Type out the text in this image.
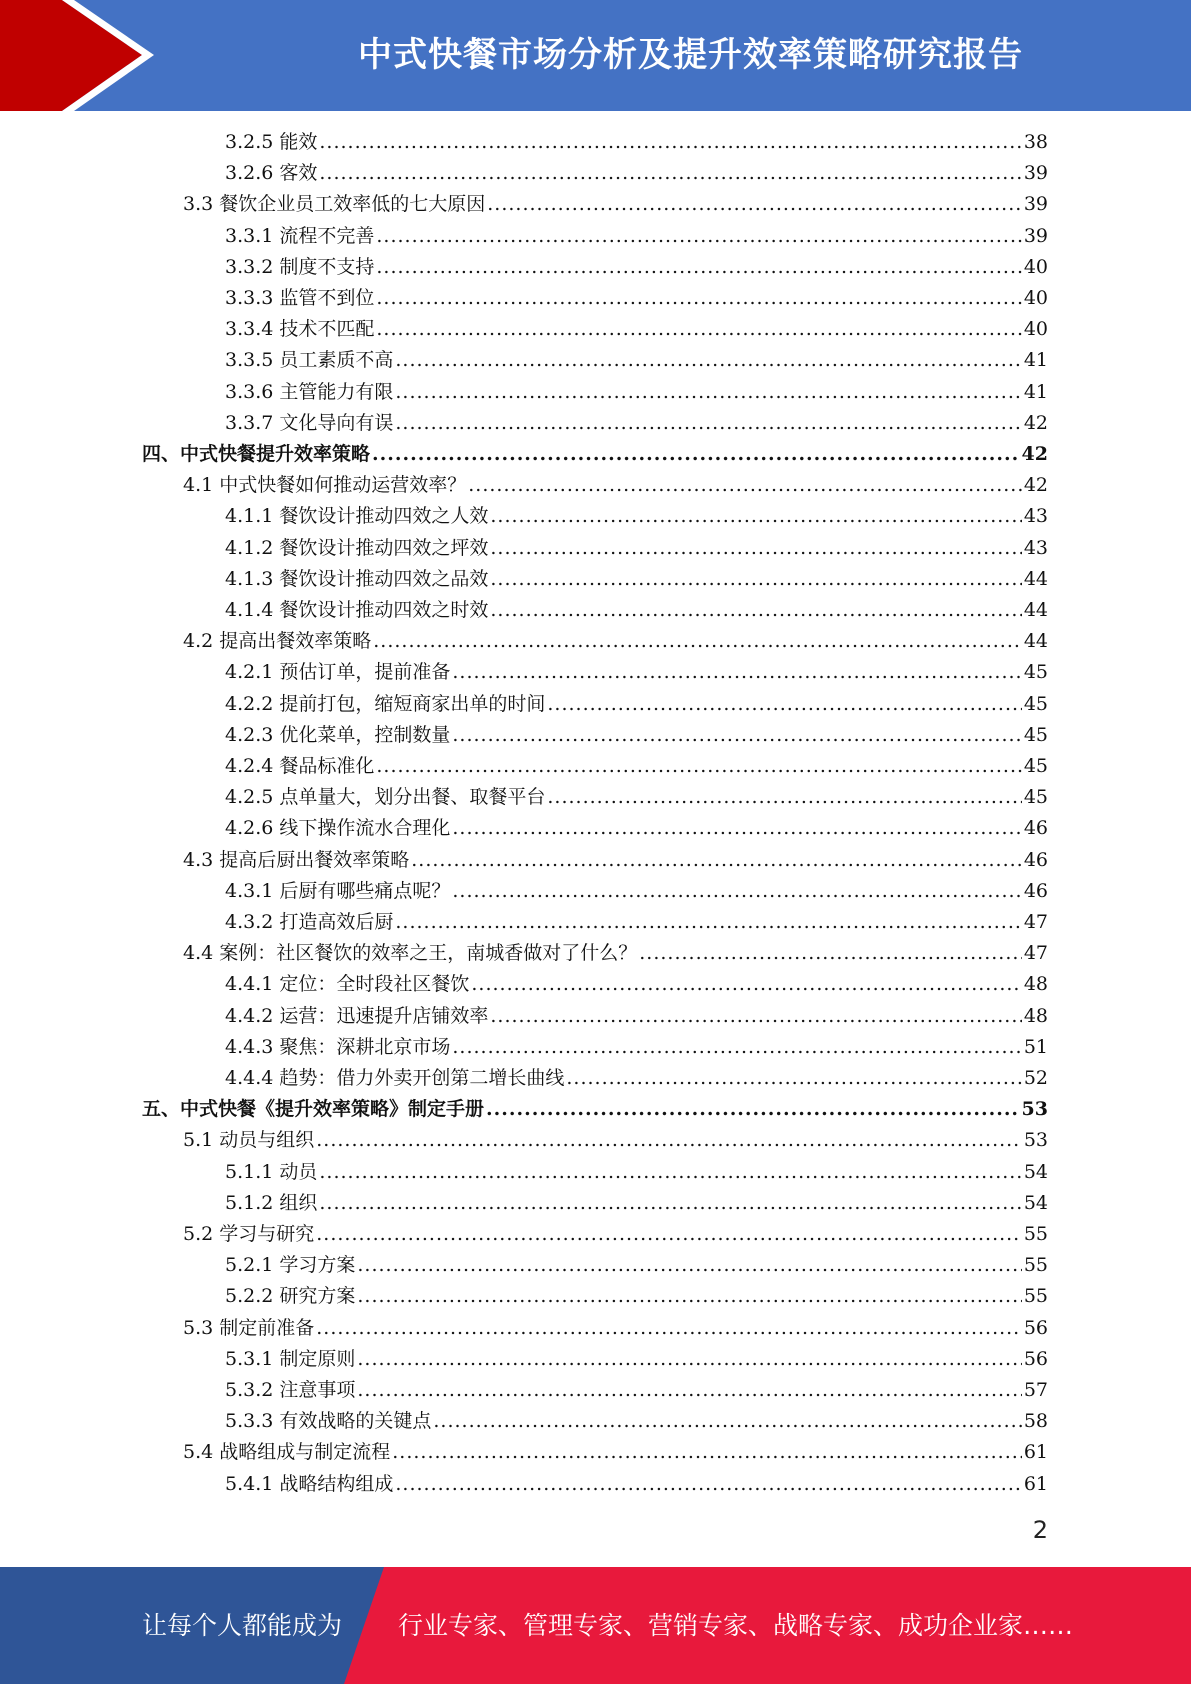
中式快餐市场分析及提升效率策略研究报告
3.2.5 能效 .....	38
3.2.6 客效 .....	39
3.3 餐饮企业员工效率低的七大原因 .....	39
3.3.1 流程不完善 .....	39
3.3.2 制度不支持 .....	40
3.3.3 监管不到位 .....	40
3.3.4 技术不匹配 .....	40
3.3.5 员工素质不高 .....	41
3.3.6 主管能力有限 .....	41
3.3.7 文化导向有误 .....	42
四、中式快餐提升效率策略 .....	42
4.1 中式快餐如何推动运营效率？ .....	42
4.1.1 餐饮设计推动四效之人效 .....	43
4.1.2 餐饮设计推动四效之坪效 .....	43
4.1.3 餐饮设计推动四效之品效 .....	44
4.1.4 餐饮设计推动四效之时效 .....	44
4.2 提高出餐效率策略 .....	44
4.2.1 预估订单，提前准备 .....	45
4.2.2 提前打包，缩短商家出单的时间 .....	45
4.2.3 优化菜单，控制数量 .....	45
4.2.4 餐品标准化 .....	45
4.2.5 点单量大，划分出餐、取餐平台 .....	45
4.2.6 线下操作流水合理化 .....	46
4.3 提高后厨出餐效率策略 .....	46
4.3.1 后厨有哪些痛点呢？ .....	46
4.3.2 打造高效后厨 .....	47
4.4 案例：社区餐饮的效率之王，南城香做对了什么？ .....	47
4.4.1 定位：全时段社区餐饮 .....	48
4.4.2 运营：迅速提升店铺效率 .....	48
4.4.3 聚焦：深耕北京市场 .....	51
4.4.4 趋势：借力外卖开创第二增长曲线 .....	52
五、中式快餐《提升效率策略》制定手册 .....	53
5.1 动员与组织 .....	53
5.1.1 动员 .....	54
5.1.2 组织 .....	54
5.2 学习与研究 .....	55
5.2.1 学习方案 .....	55
5.2.2 研究方案 .....	55
5.3 制定前准备 .....	56
5.3.1 制定原则 .....	56
5.3.2 注意事项 .....	57
5.3.3 有效战略的关键点 .....	58
5.4 战略组成与制定流程 .....	61
5.4.1 战略结构组成 .....	61
2
让每个人都能成为 行业专家、管理专家、营销专家、战略专家、成功企业家……
